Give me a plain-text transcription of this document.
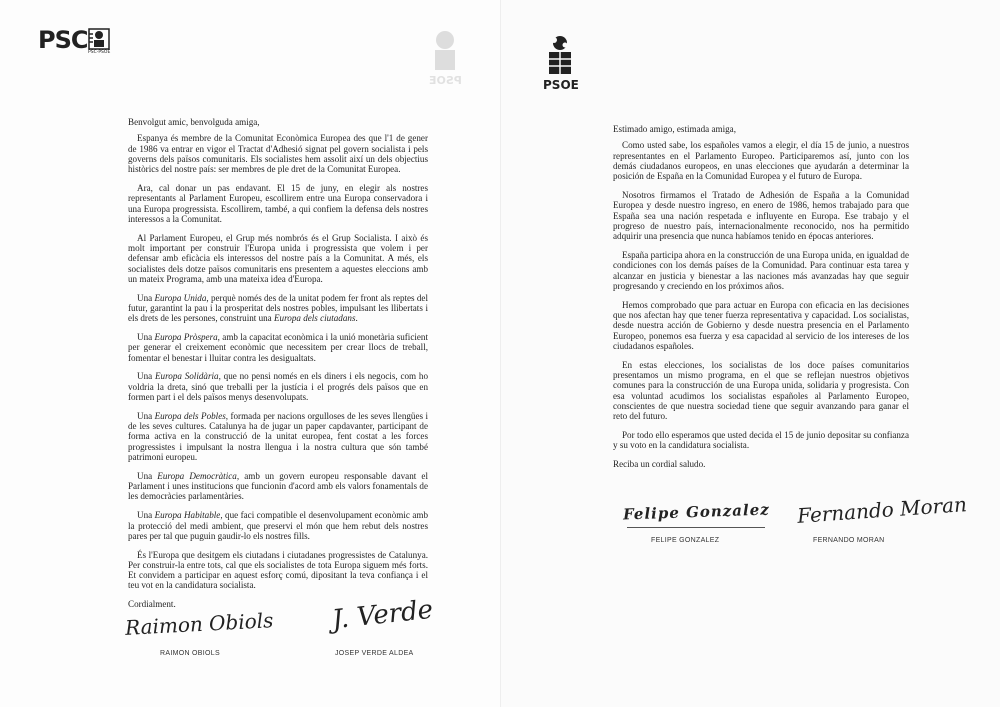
PSC PSC-PSOE
PSOE

Benvolgut amic, benvolguda amiga,

Espanya és membre de la Comunitat Econòmica Europea des que l'1 de gener de 1986 va entrar en vigor el Tractat d'Adhesió signat pel govern socialista i pels governs dels països comunitaris. Els socialistes hem assolit així un dels objectius històrics del nostre país: ser membres de ple dret de la Comunitat Europea.

Ara, cal donar un pas endavant. El 15 de juny, en elegir als nostres representants al Parlament Europeu, escollirem entre una Europa conservadora i una Europa progressista. Escollirem, també, a qui confiem la defensa dels nostres interessos a la Comunitat.

Al Parlament Europeu, el Grup més nombrós és el Grup Socialista. I això és molt important per construir l'Europa unida i progressista que volem i per defensar amb eficàcia els interessos del nostre país a la Comunitat. A més, els socialistes dels dotze països comunitaris ens presentem a aquestes eleccions amb un mateix Programa, amb una mateixa idea d'Europa.

Una Europa Unida, perquè només des de la unitat podem fer front als reptes del futur, garantint la pau i la prosperitat dels nostres pobles, impulsant les llibertats i els drets de les persones, construint una Europa dels ciutadans.

Una Europa Pròspera, amb la capacitat econòmica i la unió monetària suficient per generar el creixement econòmic que necessitem per crear llocs de treball, fomentar el benestar i lluitar contra les desigualtats.

Una Europa Solidària, que no pensi només en els diners i els negocis, com ho voldria la dreta, sinó que treballi per la justícia i el progrés dels països que en formen part i el dels països menys desenvolupats.

Una Europa dels Pobles, formada per nacions orgulloses de les seves llengües i de les seves cultures. Catalunya ha de jugar un paper capdavanter, participant de forma activa en la construcció de la unitat europea, fent costat a les forces progressistes i impulsant la nostra llengua i la nostra cultura que són també patrimoni europeu.

Una Europa Democràtica, amb un govern europeu responsable davant el Parlament i unes institucions que funcionin d'acord amb els valors fonamentals de les democràcies parlamentàries.

Una Europa Habitable, que faci compatible el desenvolupament econòmic amb la protecció del medi ambient, que preservi el món que hem rebut dels nostres pares per tal que puguin gaudir-lo els nostres fills.

És l'Europa que desitgem els ciutadans i ciutadanes progressistes de Catalunya. Per construir-la entre tots, cal que els socialistes de tota Europa siguem més forts. Et convidem a participar en aquest esforç comú, dipositant la teva confiança i el teu vot en la candidatura socialista.

Cordialment.

Raimon Obiols
RAIMON OBIOLS
J. Verde
JOSEP VERDE ALDEA
PSOE

Estimado amigo, estimada amiga,

Como usted sabe, los españoles vamos a elegir, el día 15 de junio, a nuestros representantes en el Parlamento Europeo. Participaremos así, junto con los demás ciudadanos europeos, en unas elecciones que ayudarán a determinar la posición de España en la Comunidad Europea y el futuro de Europa.

Nosotros firmamos el Tratado de Adhesión de España a la Comunidad Europea y desde nuestro ingreso, en enero de 1986, hemos trabajado para que España sea una nación respetada e influyente en Europa. Ese trabajo y el progreso de nuestro país, internacionalmente reconocido, nos ha permitido adquirir una presencia que nunca habíamos tenido en épocas anteriores.

España participa ahora en la construcción de una Europa unida, en igualdad de condiciones con los demás países de la Comunidad. Para continuar esta tarea y alcanzar en justicia y bienestar a las naciones más avanzadas hay que seguir progresando y creciendo en los próximos años.

Hemos comprobado que para actuar en Europa con eficacia en las decisiones que nos afectan hay que tener fuerza representativa y capacidad. Los socialistas, desde nuestra acción de Gobierno y desde nuestra presencia en el Parlamento Europeo, ponemos esa fuerza y esa capacidad al servicio de los intereses de los ciudadanos españoles.

En estas elecciones, los socialistas de los doce países comunitarios presentamos un mismo programa, en el que se reflejan nuestros objetivos comunes para la construcción de una Europa unida, solidaria y progresista. Con esa voluntad acudimos los socialistas españoles al Parlamento Europeo, conscientes de que nuestra sociedad tiene que seguir avanzando para ganar el reto del futuro.

Por todo ello esperamos que usted decida el 15 de junio depositar su confianza y su voto en la candidatura socialista.

Reciba un cordial saludo.

Felipe Gonzalez
FELIPE GONZALEZ
Fernando Moran
FERNANDO MORAN
